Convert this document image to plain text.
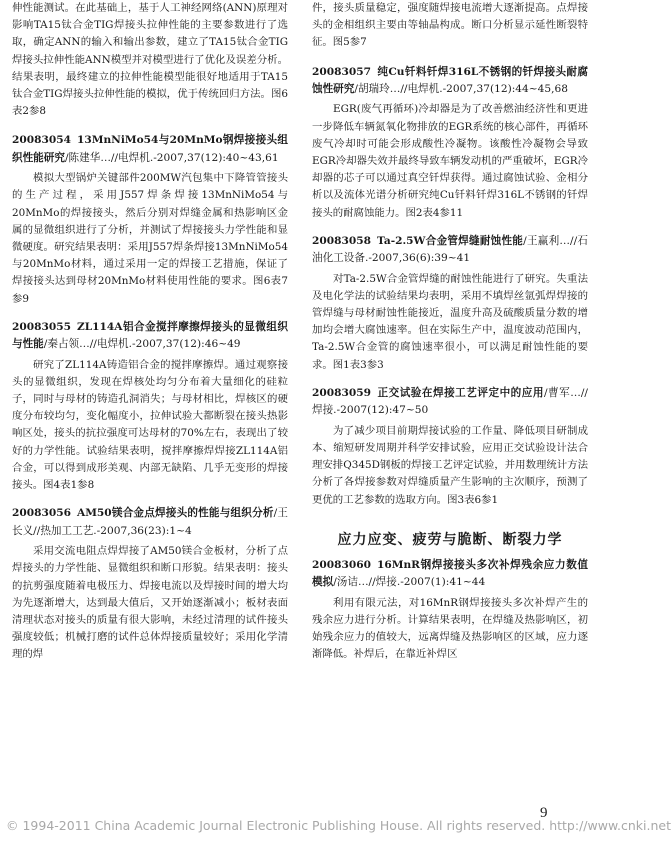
伸性能测试。在此基础上，基于人工神经网络(ANN)原理对影响TA15钛合金TIG焊接头拉伸性能的主要参数进行了选取，确定ANN的输入和输出参数，建立了TA15钛合金TIG焊接头拉伸性能ANN模型并对模型进行了优化及误差分析。结果表明，最终建立的拉伸性能模型能很好地适用于TA15钛合金TIG焊接头拉伸性能的模拟，优于传统回归方法。图6表2参8

20083054 13MnNiMo54与20MnMo钢焊接接头组织性能研究/陈建华…//电焊机.-2007,37(12):40~43,61

模拟大型锅炉关键部件200MW汽包集中下降管管接头的生产过程，采用J557焊条焊接13MnNiMo54与20MnMo的焊接接头，然后分别对焊缝金属和热影响区金属的显微组织进行了分析，并测试了焊接接头力学性能和显微硬度。研究结果表明：采用J557焊条焊接13MnNiMo54与20MnMo材料，通过采用一定的焊接工艺措施，保证了焊接接头达到母材20MnMo材料使用性能的要求。图6表7参9

20083055 ZL114A铝合金搅拌摩擦焊接头的显微组织与性能/秦占领…//电焊机.-2007,37(12):46~49

研究了ZL114A铸造铝合金的搅拌摩擦焊。通过观察接头的显微组织，发现在焊核处均匀分布着大量细化的硅粒子，同时与母材的铸造孔洞消失；与母材相比，焊核区的硬度分布较均匀，变化幅度小，拉伸试验大都断裂在接头热影响区处，接头的抗拉强度可达母材的70%左右，表现出了较好的力学性能。试验结果表明，搅拌摩擦焊焊接ZL114A铝合金，可以得到成形美观、内部无缺陷、几乎无变形的焊接接头。图4表1参8

20083056 AM50镁合金点焊接头的性能与组织分析/王长义//热加工工艺.-2007,36(23):1~4

采用交流电阻点焊焊接了AM50镁合金板材，分析了点焊接头的力学性能、显微组织和断口形貌。结果表明：接头的抗剪强度随着电极压力、焊接电流以及焊接时间的增大均为先逐渐增大，达到最大值后，又开始逐渐减小；板材表面清理状态对接头的质量有很大影响，未经过清理的试件接头强度较低；机械打磨的试件总体焊接质量较好；采用化学清理的焊

件，接头质量稳定，强度随焊接电流增大逐渐提高。点焊接头的金相组织主要由等轴晶构成。断口分析显示延性断裂特征。图5参7

20083057 纯Cu钎料钎焊316L不锈钢的钎焊接头耐腐蚀性研究/胡瑞玲…//电焊机.-2007,37(12):44~45,68

EGR(废气再循环)冷却器是为了改善燃油经济性和更进一步降低车辆氮氧化物排放的EGR系统的核心部件，再循环废气冷却时可能会形成酸性冷凝物。该酸性冷凝物会导致EGR冷却器失效并最终导致车辆发动机的严重破坏，EGR冷却器的芯子可以通过真空钎焊获得。通过腐蚀试验、金相分析以及流体光谱分析研究纯Cu钎料钎焊316L不锈钢的钎焊接头的耐腐蚀能力。图2表4参11

20083058 Ta-2.5W合金管焊缝耐蚀性能/王赢利…//石油化工设备.-2007,36(6):39~41

对Ta-2.5W合金管焊缝的耐蚀性能进行了研究。失重法及电化学法的试验结果均表明，采用不填焊丝氩弧焊焊接的管焊缝与母材耐蚀性能接近，温度升高及硫酸质量分数的增加均会增大腐蚀速率。但在实际生产中，温度波动范围内，Ta-2.5W合金管的腐蚀速率很小，可以满足耐蚀性能的要求。图1表3参3

20083059 正交试验在焊接工艺评定中的应用/曹军…//焊接.-2007(12):47~50

为了减少项目前期焊接试验的工作量、降低项目研制成本、缩短研发周期并科学安排试验，应用正交试验设计法合理安排Q345D钢板的焊接工艺评定试验，并用数理统计方法分析了各焊接参数对焊缝质量产生影响的主次顺序，预测了更优的工艺参数的选取方向。图3表6参1

应力应变、疲劳与脆断、断裂力学

20083060 16MnR钢焊接接头多次补焊残余应力数值模拟/汤诘…//焊接.-2007(1):41~44

利用有限元法，对16MnR钢焊接接头多次补焊产生的残余应力进行分析。计算结果表明，在焊缝及热影响区，初始残余应力的值较大，远离焊缝及热影响区的区域，应力逐渐降低。补焊后，在靠近补焊区

9
© 1994-2011 China Academic Journal Electronic Publishing House. All rights reserved. http://www.cnki.net
